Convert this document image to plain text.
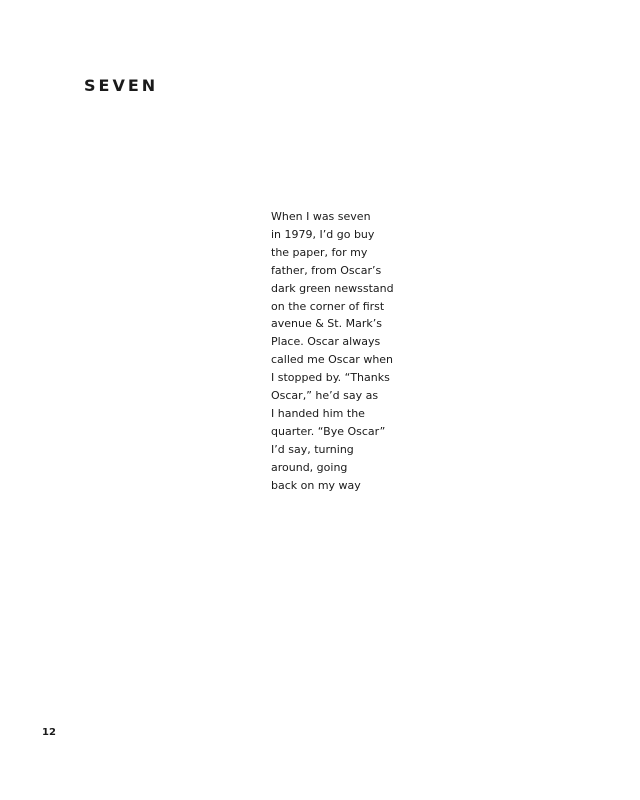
SEVEN
When I was seven
in 1979, I’d go buy
the paper, for my
father, from Oscar’s
dark green newsstand
on the corner of first
avenue & St. Mark’s
Place. Oscar always
called me Oscar when
I stopped by. “Thanks
Oscar,” he’d say as
I handed him the
quarter. “Bye Oscar”
I’d say, turning
around, going
back on my way
12
